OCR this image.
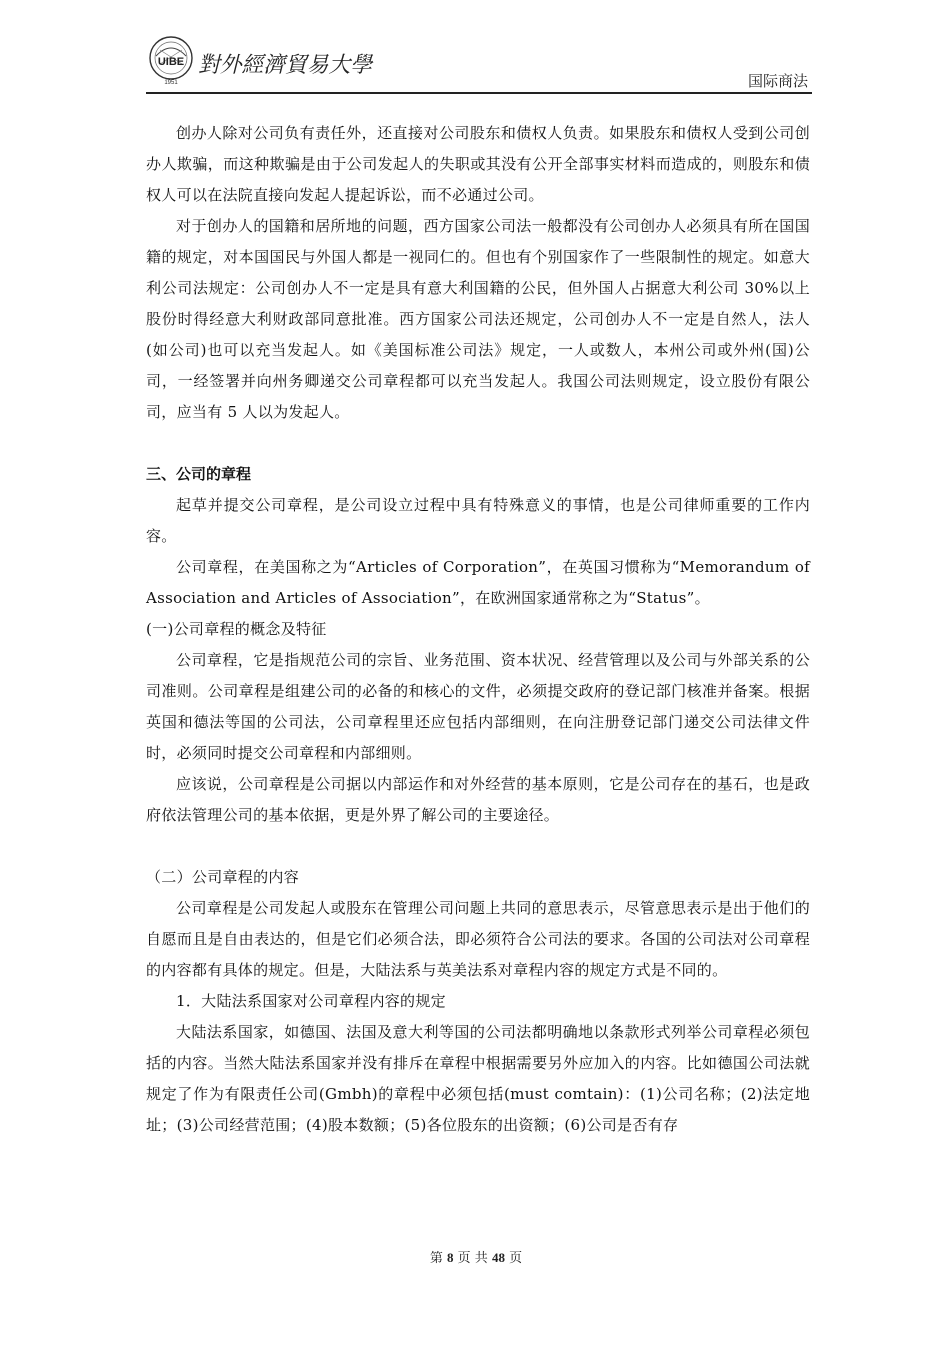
UIBE
1951
對外經濟貿易大學
国际商法

创办人除对公司负有责任外，还直接对公司股东和债权人负责。如果股东和债权人受到公司创办人欺骗，而这种欺骗是由于公司发起人的失职或其没有公开全部事实材料而造成的，则股东和债权人可以在法院直接向发起人提起诉讼，而不必通过公司。

对于创办人的国籍和居所地的问题，西方国家公司法一般都没有公司创办人必须具有所在国国籍的规定，对本国国民与外国人都是一视同仁的。但也有个别国家作了一些限制性的规定。如意大利公司法规定：公司创办人不一定是具有意大利国籍的公民，但外国人占据意大利公司 30%以上股份时得经意大利财政部同意批准。西方国家公司法还规定，公司创办人不一定是自然人，法人(如公司)也可以充当发起人。如《美国标准公司法》规定，一人或数人，本州公司或外州(国)公司，一经签署并向州务卿递交公司章程都可以充当发起人。我国公司法则规定，设立股份有限公司，应当有 5 人以为发起人。

三、公司的章程

起草并提交公司章程，是公司设立过程中具有特殊意义的事情，也是公司律师重要的工作内容。

公司章程，在美国称之为“Articles of Corporation”，在英国习惯称为“Memorandum of Association and Articles of Association”，在欧洲国家通常称之为“Status”。

(一)公司章程的概念及特征

公司章程，它是指规范公司的宗旨、业务范围、资本状况、经营管理以及公司与外部关系的公司准则。公司章程是组建公司的必备的和核心的文件，必须提交政府的登记部门核准并备案。根据英国和德法等国的公司法，公司章程里还应包括内部细则，在向注册登记部门递交公司法律文件时，必须同时提交公司章程和内部细则。

应该说，公司章程是公司据以内部运作和对外经营的基本原则，它是公司存在的基石，也是政府依法管理公司的基本依据，更是外界了解公司的主要途径。

（二）公司章程的内容

公司章程是公司发起人或股东在管理公司问题上共同的意思表示，尽管意思表示是出于他们的自愿而且是自由表达的，但是它们必须合法，即必须符合公司法的要求。各国的公司法对公司章程的内容都有具体的规定。但是，大陆法系与英美法系对章程内容的规定方式是不同的。

1．大陆法系国家对公司章程内容的规定

大陆法系国家，如德国、法国及意大利等国的公司法都明确地以条款形式列举公司章程必须包括的内容。当然大陆法系国家并没有排斥在章程中根据需要另外应加入的内容。比如德国公司法就规定了作为有限责任公司(Gmbh)的章程中必须包括(must comtain)：(1)公司名称；(2)法定地址；(3)公司经营范围；(4)股本数额；(5)各位股东的出资额；(6)公司是否有存

第 8 页 共 48 页
